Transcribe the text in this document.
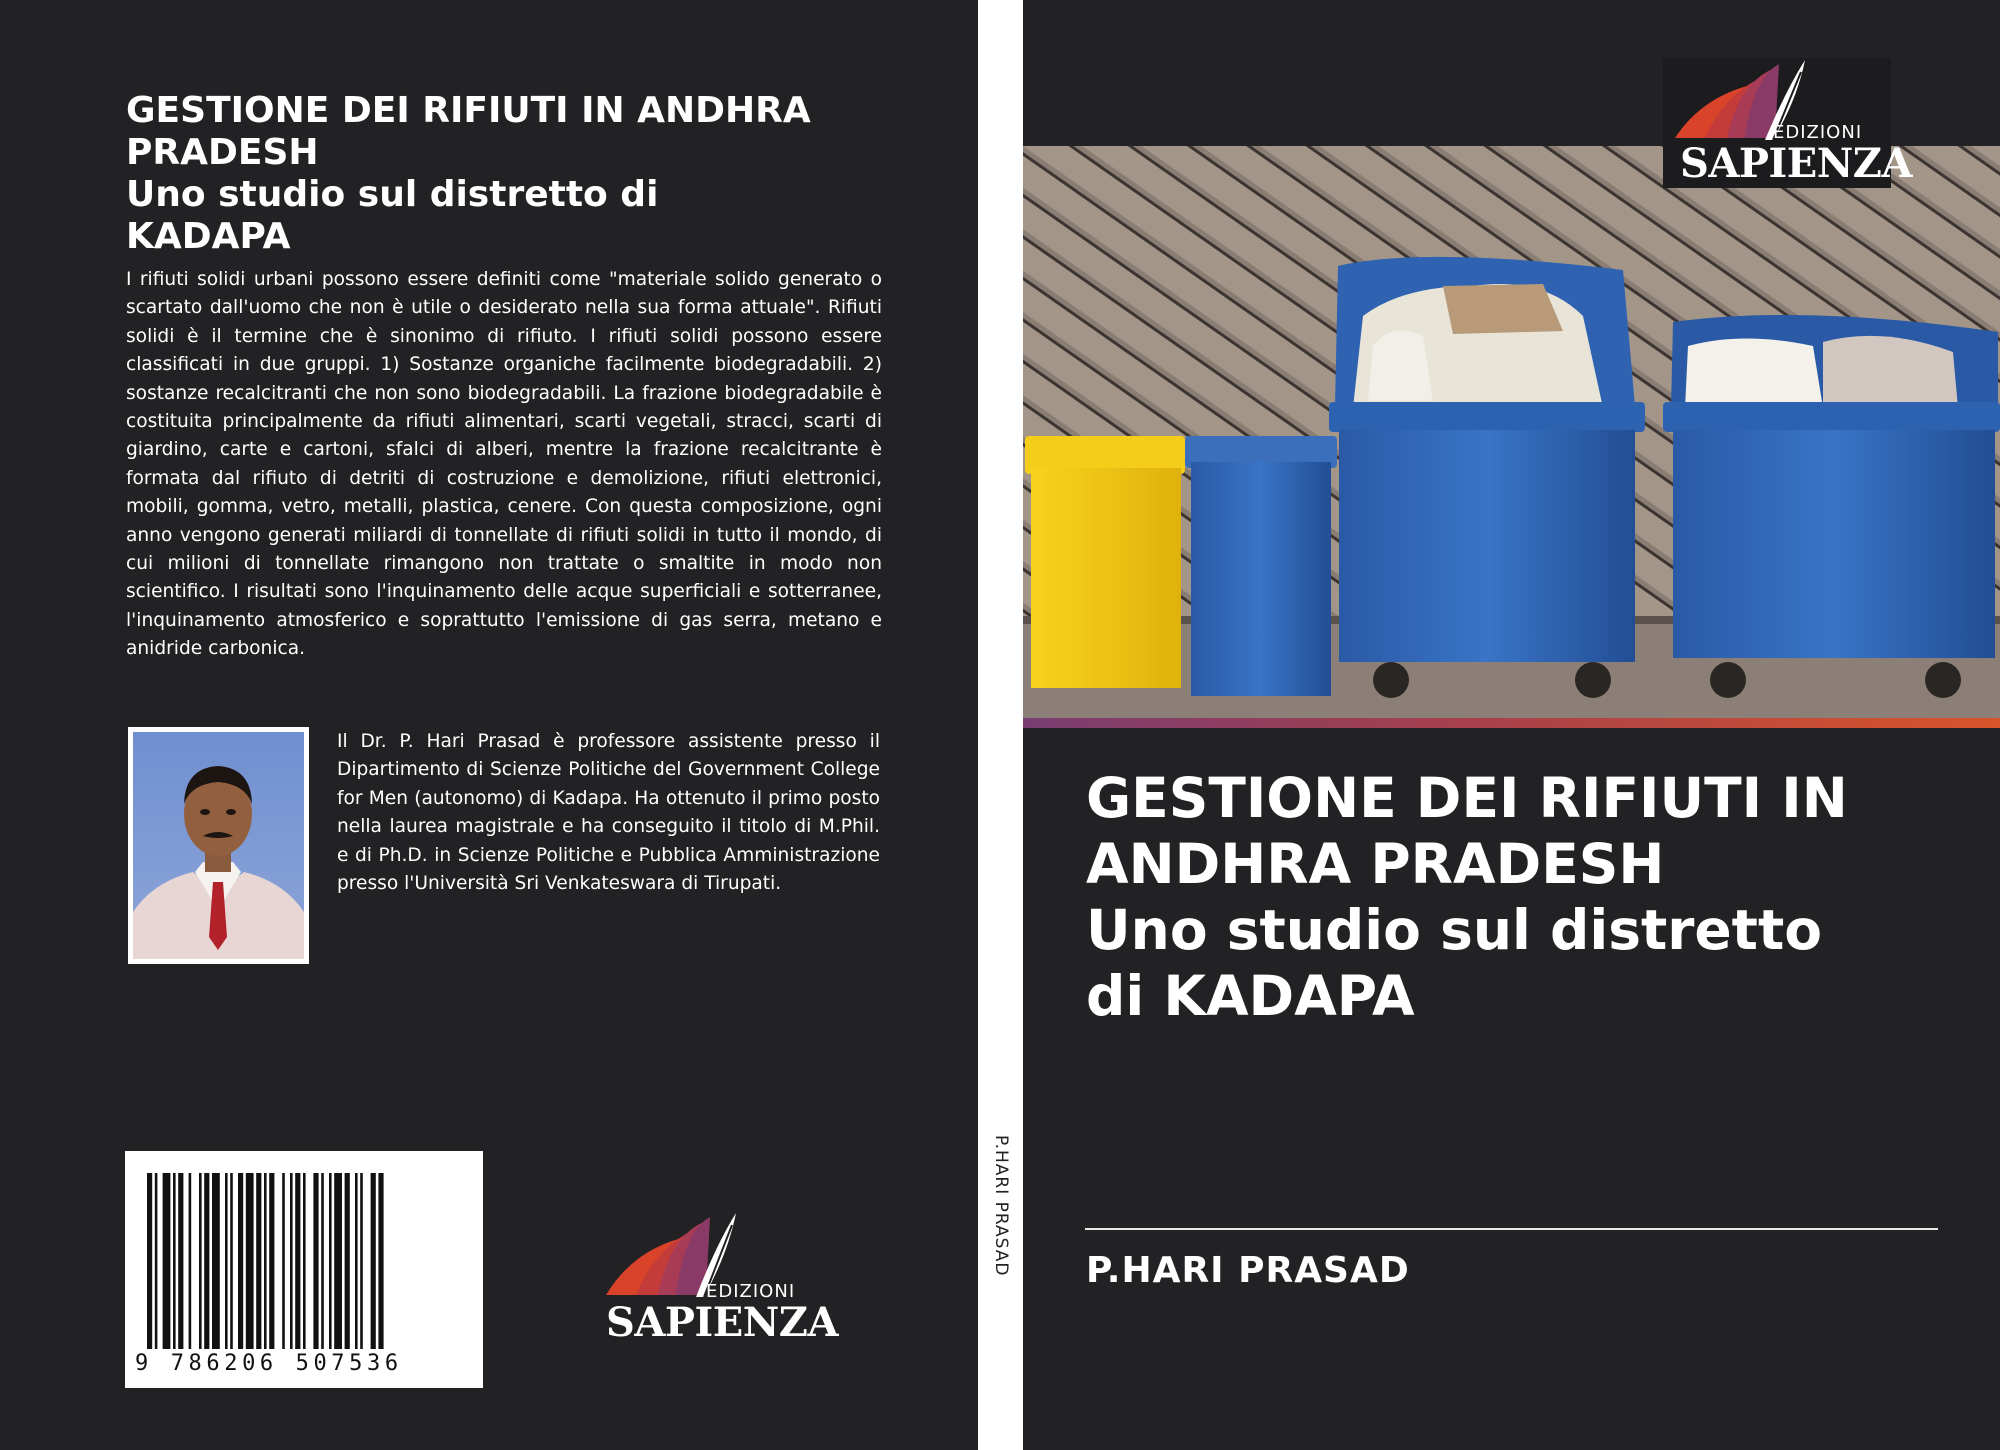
GESTIONE DEI RIFIUTI IN ANDHRA
PRADESH
Uno studio sul distretto di
KADAPA

I rifiuti solidi urbani possono essere definiti come "materiale solido generato o scartato dall'uomo che non è utile o desiderato nella sua forma attuale". Rifiuti solidi è il termine che è sinonimo di rifiuto. I rifiuti solidi possono essere classificati in due gruppi. 1) Sostanze organiche facilmente biodegradabili. 2) sostanze recalcitranti che non sono biodegradabili. La frazione biodegradabile è costituita principalmente da rifiuti alimentari, scarti vegetali, stracci, scarti di giardino, carte e cartoni, sfalci di alberi, mentre la frazione recalcitrante è formata dal rifiuto di detriti di costruzione e demolizione, rifiuti elettronici, mobili, gomma, vetro, metalli, plastica, cenere. Con questa composizione, ogni anno vengono generati miliardi di tonnellate di rifiuti solidi in tutto il mondo, di cui milioni di tonnellate rimangono non trattate o smaltite in modo non scientifico. I risultati sono l'inquinamento delle acque superficiali e sotterranee, l'inquinamento atmosferico e soprattutto l'emissione di gas serra, metano e anidride carbonica.

Il Dr. P. Hari Prasad è professore assistente presso il Dipartimento di Scienze Politiche del Government College for Men (autonomo) di Kadapa. Ha ottenuto il primo posto nella laurea magistrale e ha conseguito il titolo di M.Phil. e di Ph.D. in Scienze Politiche e Pubblica Amministrazione presso l'Università Sri Venkateswara di Tirupati.

9 786206 507536
EDIZIONI
SAPIENZA
P.HARI PRASAD
EDIZIONI
SAPIENZA
GESTIONE DEI RIFIUTI IN
ANDHRA PRADESH
Uno studio sul distretto
di KADAPA
P.HARI PRASAD
